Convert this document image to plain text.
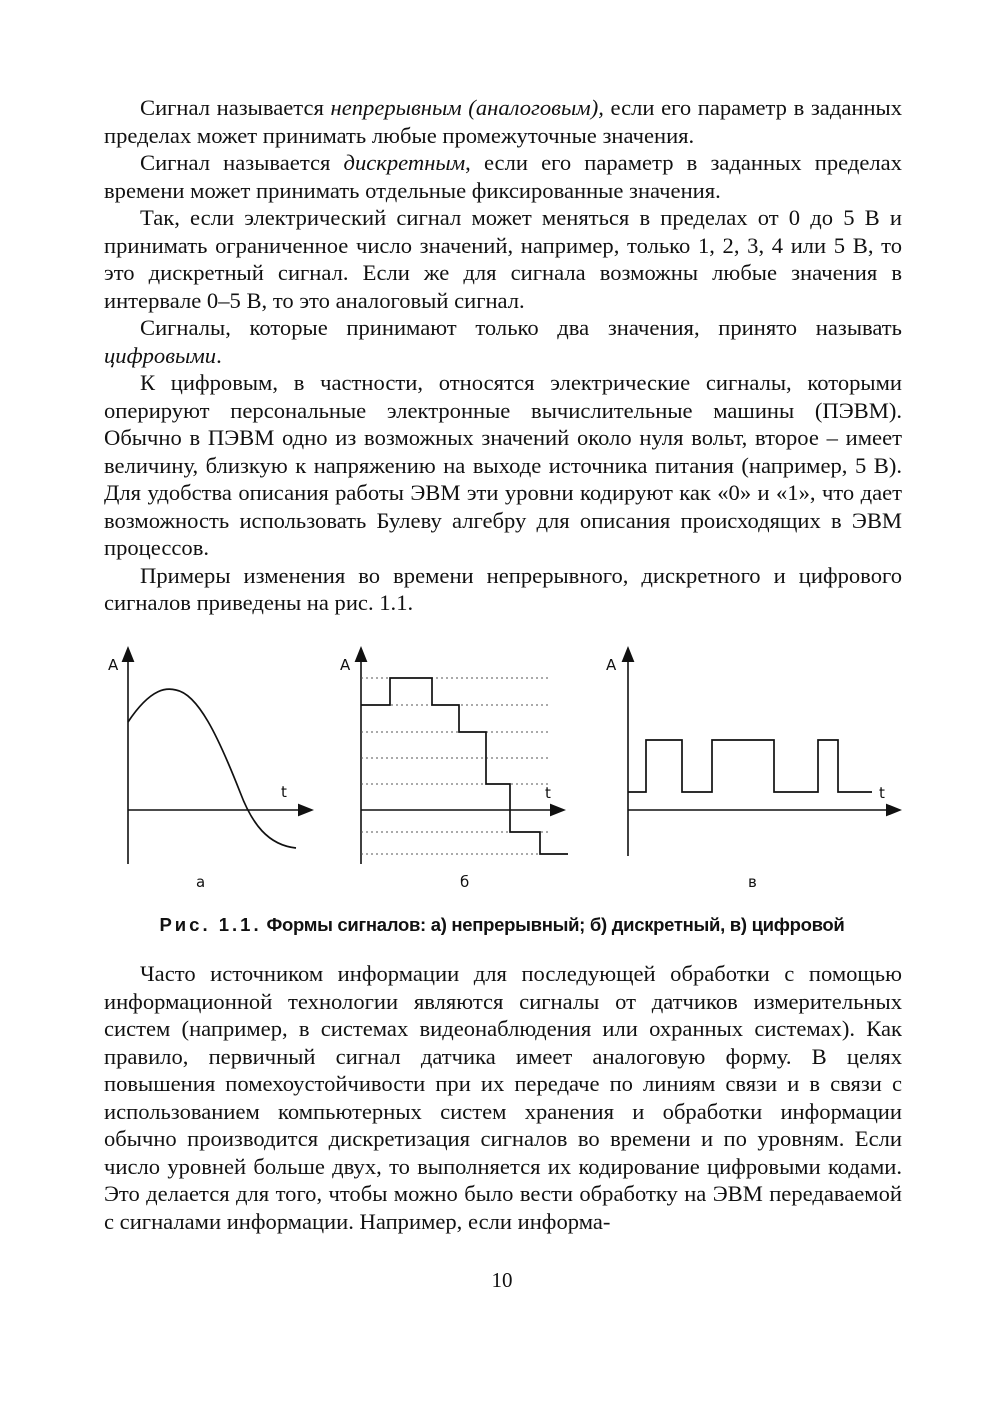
Сигнал называется непрерывным (аналоговым), если его параметр в заданных пределах может принимать любые промежуточные значения.

Сигнал называется дискретным, если его параметр в заданных пределах времени может принимать отдельные фиксированные значения.

Так, если электрический сигнал может меняться в пределах от 0 до 5 В и принимать ограниченное число значений, например, только 1, 2, 3, 4 или 5 В, то это дискретный сигнал. Если же для сигнала возможны любые значения в интервале 0–5 В, то это аналоговый сигнал.

Сигналы, которые принимают только два значения, принято называть цифровыми.

К цифровым, в частности, относятся электрические сигналы, которыми оперируют персональные электронные вычислительные машины (ПЭВМ). Обычно в ПЭВМ одно из возможных значений около нуля вольт, второе – имеет величину, близкую к напряжению на выходе источника питания (например, 5 В). Для удобства описания работы ЭВМ эти уровни кодируют как «0» и «1», что дает возможность использовать Булеву алгебру для описания происходящих в ЭВМ процессов.

Примеры изменения во времени непрерывного, дискретного и цифрового сигналов приведены на рис. 1.1.

A
t
а
A
t
б
A
t
в
Рис. 1.1. Формы сигналов: а) непрерывный; б) дискретный, в) цифровой

Часто источником информации для последующей обработки с помощью информационной технологии являются сигналы от датчиков измерительных систем (например, в системах видеонаблюдения или охранных системах). Как правило, первичный сигнал датчика имеет аналоговую форму. В целях повышения помехоустойчивости при их передаче по линиям связи и в связи с использованием компьютерных систем хранения и обработки информации обычно производится дискретизация сигналов во времени и по уровням. Если число уровней больше двух, то выполняется их кодирование цифровыми кодами. Это делается для того, чтобы можно было вести обработку на ЭВМ передаваемой с сигналами информации. Например, если информа-

10
